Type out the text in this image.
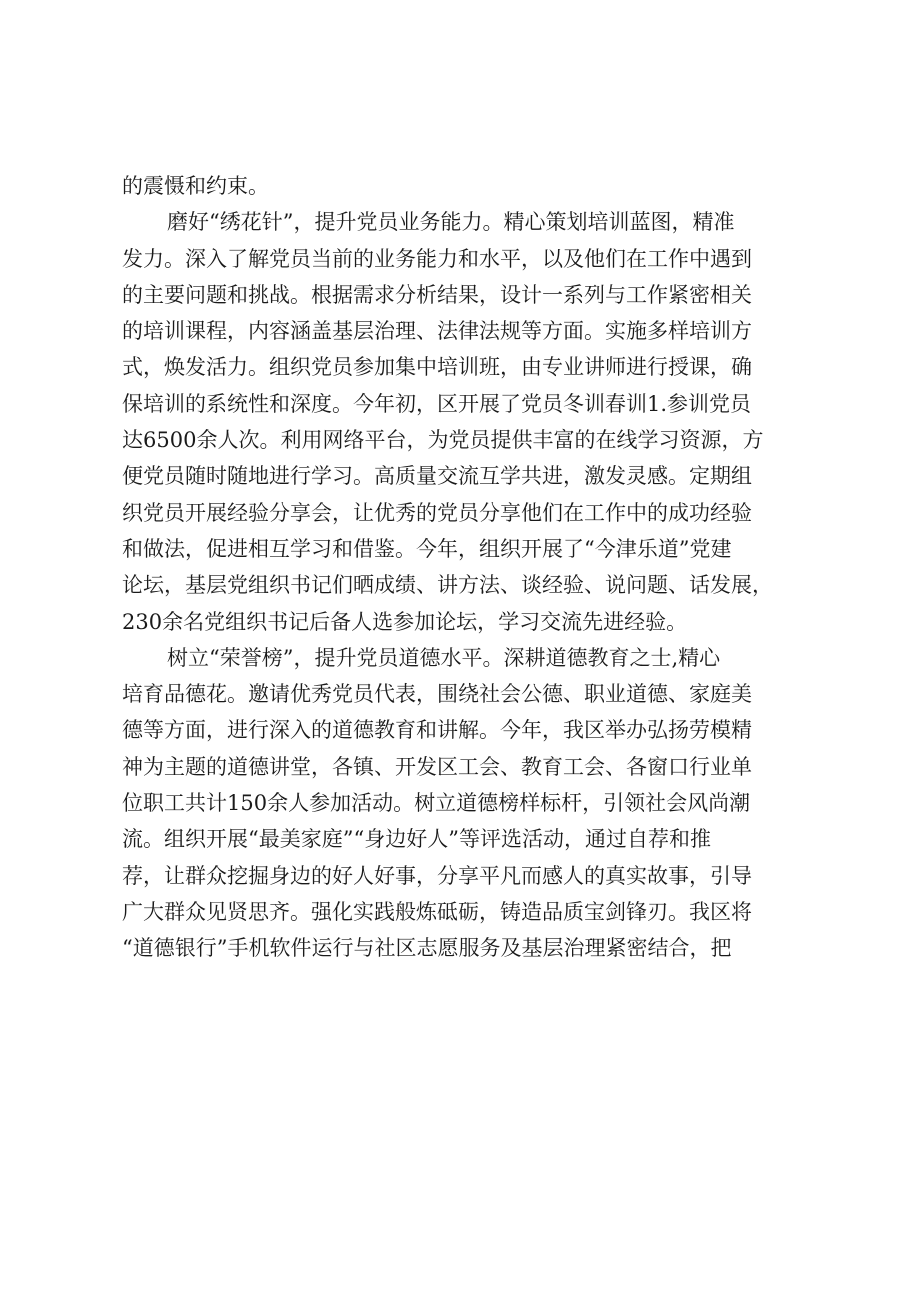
的震慑和约束。
磨好“绣花针”，提升党员业务能力。精心策划培训蓝图，精准
发力。深入了解党员当前的业务能力和水平，以及他们在工作中遇到
的主要问题和挑战。根据需求分析结果，设计一系列与工作紧密相关
的培训课程，内容涵盖基层治理、法律法规等方面。实施多样培训方
式，焕发活力。组织党员参加集中培训班，由专业讲师进行授课，确
保培训的系统性和深度。今年初，区开展了党员冬训春训1.参训党员
达6500余人次。利用网络平台，为党员提供丰富的在线学习资源，方
便党员随时随地进行学习。高质量交流互学共进，激发灵感。定期组
织党员开展经验分享会，让优秀的党员分享他们在工作中的成功经验
和做法，促进相互学习和借鉴。今年，组织开展了“今津乐道”党建
论坛，基层党组织书记们晒成绩、讲方法、谈经验、说问题、话发展，
230余名党组织书记后备人选参加论坛，学习交流先进经验。
树立“荣誉榜”，提升党员道德水平。深耕道德教育之士,精心
培育品德花。邀请优秀党员代表，围绕社会公德、职业道德、家庭美
德等方面，进行深入的道德教育和讲解。今年，我区举办弘扬劳模精
神为主题的道德讲堂，各镇、开发区工会、教育工会、各窗口行业单
位职工共计150余人参加活动。树立道德榜样标杆，引领社会风尚潮
流。组织开展“最美家庭”“身边好人”等评选活动，通过自荐和推
荐，让群众挖掘身边的好人好事，分享平凡而感人的真实故事，引导
广大群众见贤思齐。强化实践般炼砥砺，铸造品质宝剑锋刃。我区将
“道德银行”手机软件运行与社区志愿服务及基层治理紧密结合，把
